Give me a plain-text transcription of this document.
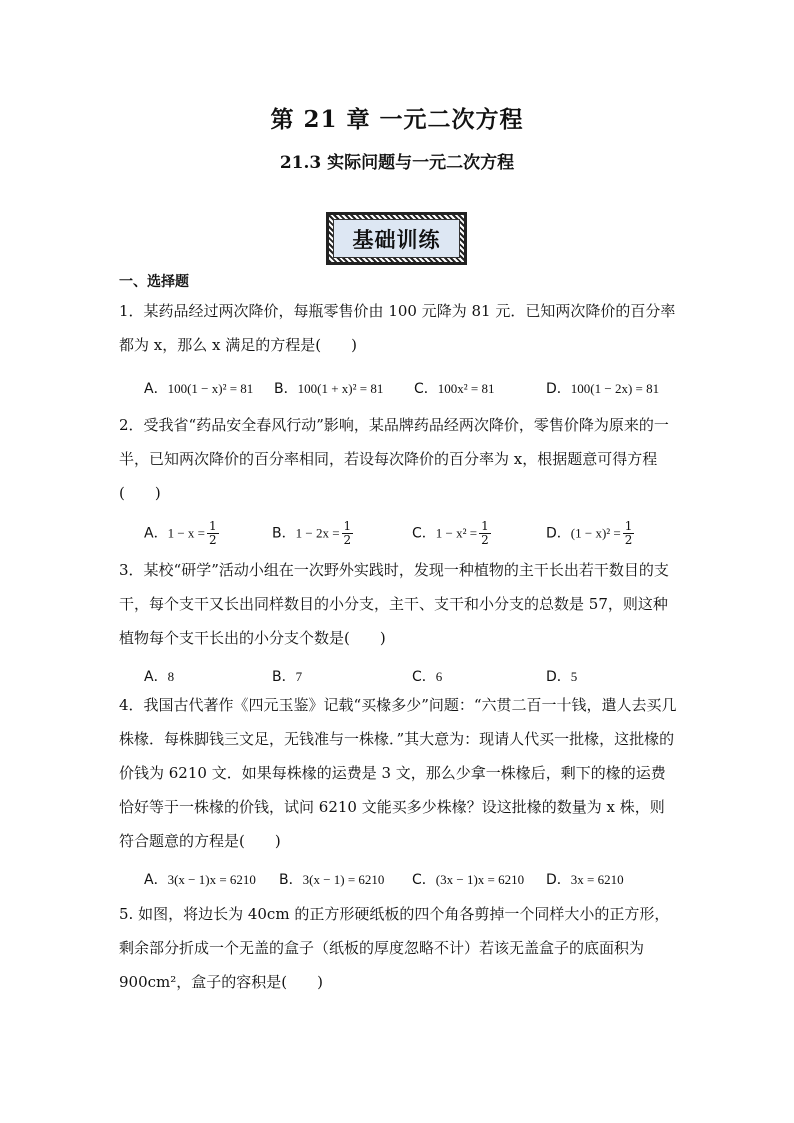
第 21 章 一元二次方程
21.3 实际问题与一元二次方程
基础训练
一、选择题
1．某药品经过两次降价，每瓶零售价由 100 元降为 81 元．已知两次降价的百分率都为 x，那么 x 满足的方程是(　　)
A．100(1 − x)² = 81 B．100(1 + x)² = 81 C．100x² = 81	D．100(1 − 2x) = 81
2．受我省“药品安全春风行动”影响，某品牌药品经两次降价，零售价降为原来的一半，已知两次降价的百分率相同，若设每次降价的百分率为 x，根据题意可得方程(　　)
A．$1 - x = \frac{1}{2}$	B．$1 - 2x = \frac{1}{2}$	C．$1 - x^2 = \frac{1}{2}$	D．$(1 - x)^2 = \frac{1}{2}$
3．某校“研学”活动小组在一次野外实践时，发现一种植物的主干长出若干数目的支干，每个支干又长出同样数目的小分支，主干、支干和小分支的总数是 57，则这种植物每个支干长出的小分支个数是(　　)
A．8	B．7	C．6	D．5
4．我国古代著作《四元玉鉴》记载“买椽多少”问题：“六贯二百一十钱，遣人去买几株椽．每株脚钱三文足，无钱准与一株椽．”其大意为：现请人代买一批椽，这批椽的价钱为 6210 文．如果每株椽的运费是 3 文，那么少拿一株椽后，剩下的椽的运费恰好等于一株椽的价钱，试问 6210 文能买多少株椽？设这批椽的数量为 x 株，则符合题意的方程是(　　)
A．3(x − 1)x = 6210 B．3(x − 1) = 6210 C．(3x − 1)x = 6210 D．3x = 6210
5. 如图，将边长为 40cm 的正方形硬纸板的四个角各剪掉一个同样大小的正方形，剩余部分折成一个无盖的盒子（纸板的厚度忽略不计）若该无盖盒子的底面积为 900cm²，盒子的容积是(　　)
